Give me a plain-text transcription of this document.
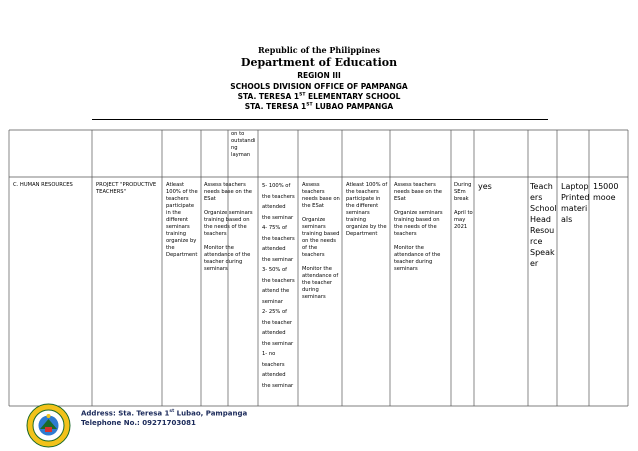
Republic of the Philippines
Department of Education
REGION III
SCHOOLS DIVISION OFFICE OF PAMPANGA
STA. TERESA 1ST ELEMENTARY SCHOOL
STA. TERESA 1ST LUBAO PAMPANGA
on to outstandi ng layman
C. HUMAN RESOURCES	PROJECT "PRODUCTIVE TEACHERS"
Atleast 100% of the teachers participate in the different seminars training organize by the Department
Assess teachers needs base on the ESat
Organize seminars training based on the needs of the teachers
Monitor the attendance of the teacher during seminars
5- 100% of
the teachers
attended
the seminar
4- 75% of
the teachers
attended
the seminar
3- 50% of
the teachers
attend the
seminar
2- 25% of
the teacher
attended
the seminar
1- no
teachers
attended
the seminar
Assess teachers needs base on the ESat
Organize seminars training based on the needs of the teachers
Monitor the attendance of the teacher during seminars
Atleast 100% of the teachers participate in the different seminars training organize by the Department
Assess teachers needs base on the ESat
Organize seminars training based on the needs of the teachers
Monitor the attendance of the teacher during seminars
During SEm break
April to may 2021
yes	Teach ers School Head Resou rce Speak er
Laptop Printed materi als
15000 mooe
Address: Sta. Teresa 1st Lubao, Pampanga
Telephone No.: 09271703081
